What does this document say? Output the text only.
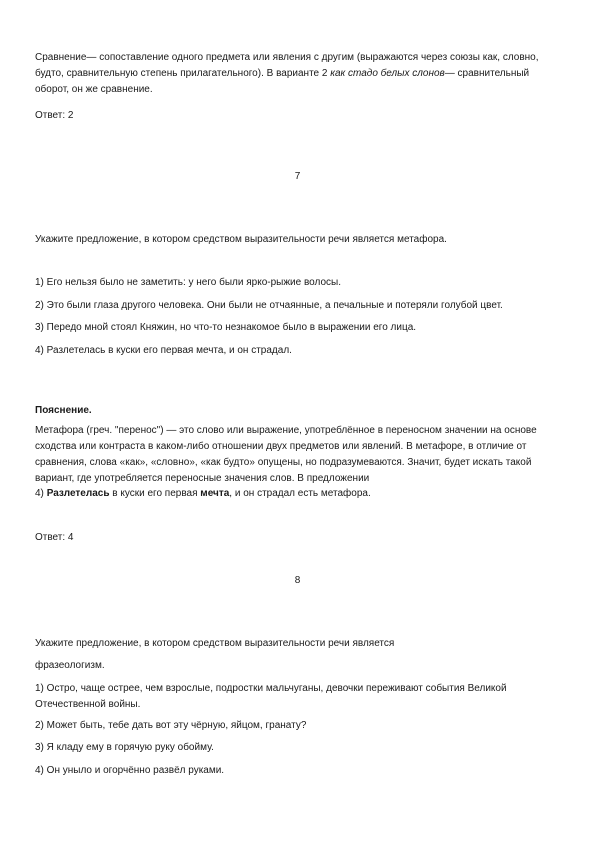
Сравнение— сопоставление одного предмета или явления с другим (выражаются через союзы как, словно, будто, сравнительную степень прилагательного). В варианте 2 как стадо белых слонов— сравнительный оборот, он же сравнение.

Ответ: 2

7

Укажите предложение, в котором средством выразительности речи является метафора.

1) Его нельзя было не заметить: у него были ярко-рыжие волосы.

2) Это были глаза другого человека. Они были не отчаянные, а печальные и потеряли голубой цвет.

3) Передо мной стоял Княжин, но что-то незнакомое было в выражении его лица.

4) Разлетелась в куски его первая мечта, и он страдал.

Пояснение.

Метафора (греч. "перенос") — это слово или выражение, употреблённое в переносном значении на основе сходства или контраста в каком-либо отношении двух предметов или явлений. В метафоре, в отличие от сравнения, слова «как», «словно», «как будто» опущены, но подразумеваются. Значит, будет искать такой вариант, где употребляется переносные значения слов. В предложении

4) Разлетелась в куски его первая мечта, и он страдал есть метафора.

Ответ: 4

8

Укажите предложение, в котором средством выразительности речи является

фразеологизм.

1) Остро, чаще острее, чем взрослые, подростки мальчуганы, девочки переживают события Великой Отечественной войны.

2) Может быть, тебе дать вот эту чёрную, яйцом, гранату?

3) Я кладу ему в горячую руку обойму.

4) Он уныло и огорчённо развёл руками.
